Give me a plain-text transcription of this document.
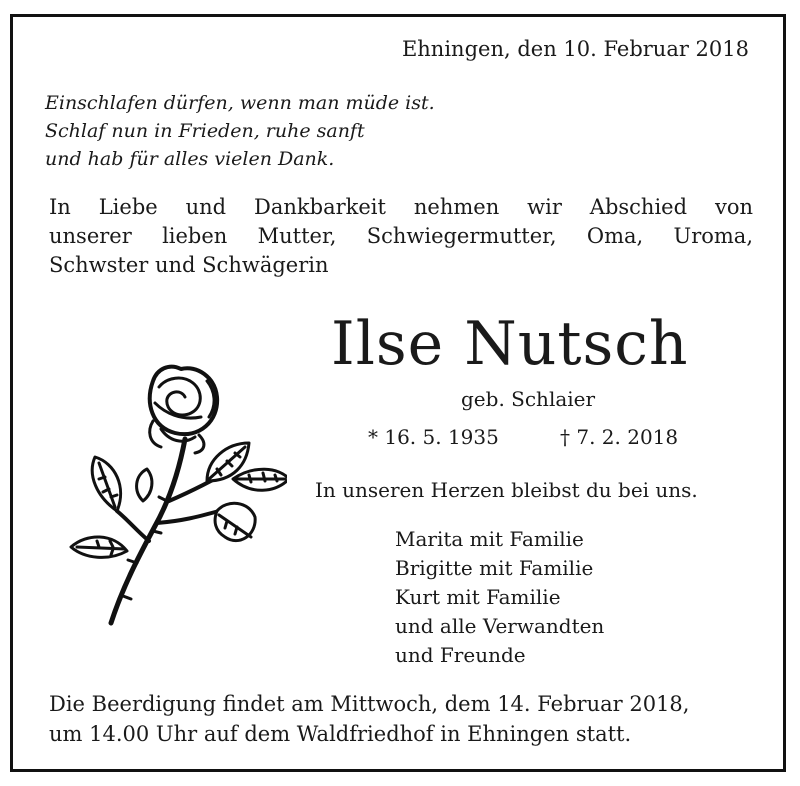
Ehningen, den 10. Februar 2018
Einschlafen dürfen, wenn man müde ist.
Schlaf nun in Frieden, ruhe sanft
und hab für alles vielen Dank.
In Liebe und Dankbarkeit nehmen wir Abschied von
unserer lieben Mutter, Schwiegermutter, Oma, Uroma,
Schwster und Schwägerin
Ilse Nutsch
geb. Schlaier
* 16. 5. 1935	† 7. 2. 2018
In unseren Herzen bleibst du bei uns.
Marita mit Familie
Brigitte mit Familie
Kurt mit Familie
und alle Verwandten
und Freunde
Die Beerdigung findet am Mittwoch, dem 14. Februar 2018,
um 14.00 Uhr auf dem Waldfriedhof in Ehningen statt.
